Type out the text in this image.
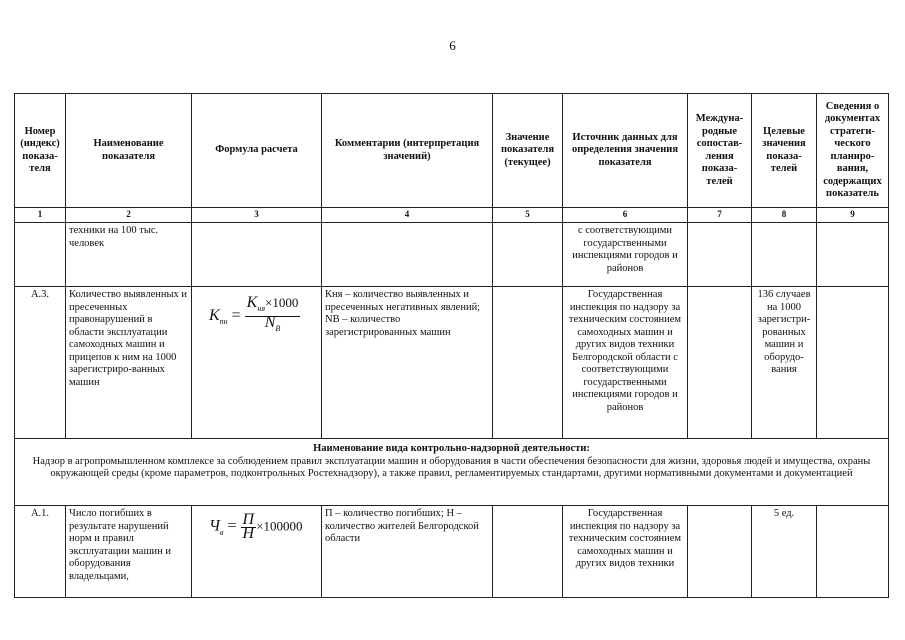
6
Номер (индекс) показа-теля	Наименование показателя	Формула расчета	Комментарии (интерпретация значений)	Значение показателя (текущее)	Источник данных для определения значения показателя	Междуна-родные сопостав-ления показа-телей	Целевые значения показа-телей	Сведения о документах стратеги-ческого планиро-вания, содержащих показатель
1	2	3	4	5	6	7	8	9
	техники на 100 тыс. человек				с соответствующими государственными инспекциями городов и районов			
А.3.	Количество выявленных и пресеченных правонарушений в области эксплуатации самоходных машин и прицепов к ним на 1000 зарегистриро-ванных машин	$K_{пн} = \frac{K_{ня}\times 1000}{N_В}$	Кня – количество выявленных и пресеченных негативных явлений; NВ – количество зарегистрированных машин		Государственная инспекция по надзору за техническим состоянием самоходных машин и других видов техники Белгородской области с соответствующими государственными инспекциями городов и районов		136 случаев на 1000 зарегистри-рованных машин и оборудо-вания	

Наименование вида контрольно-надзорной деятельности:
Надзор в агропромышленном комплексе за соблюдением правил эксплуатации машин и оборудования в части обеспечения безопасности для жизни, здоровья людей и имущества, охраны окружающей среды (кроме параметров, подконтрольных Ростехнадзору), а также правил, регламентируемых стандартами, другими нормативными документами и документацией								

А.1.	Число погибших в результате нарушений норм и правил эксплуатации машин и оборудования владельцами,	$Ч_в = \frac{П}{Н} \times 100000$	П – количество погибших; Н – количество жителей Белгородской области		Государственная инспекция по надзору за техническим состоянием самоходных машин и других видов техники		5 ед.	
